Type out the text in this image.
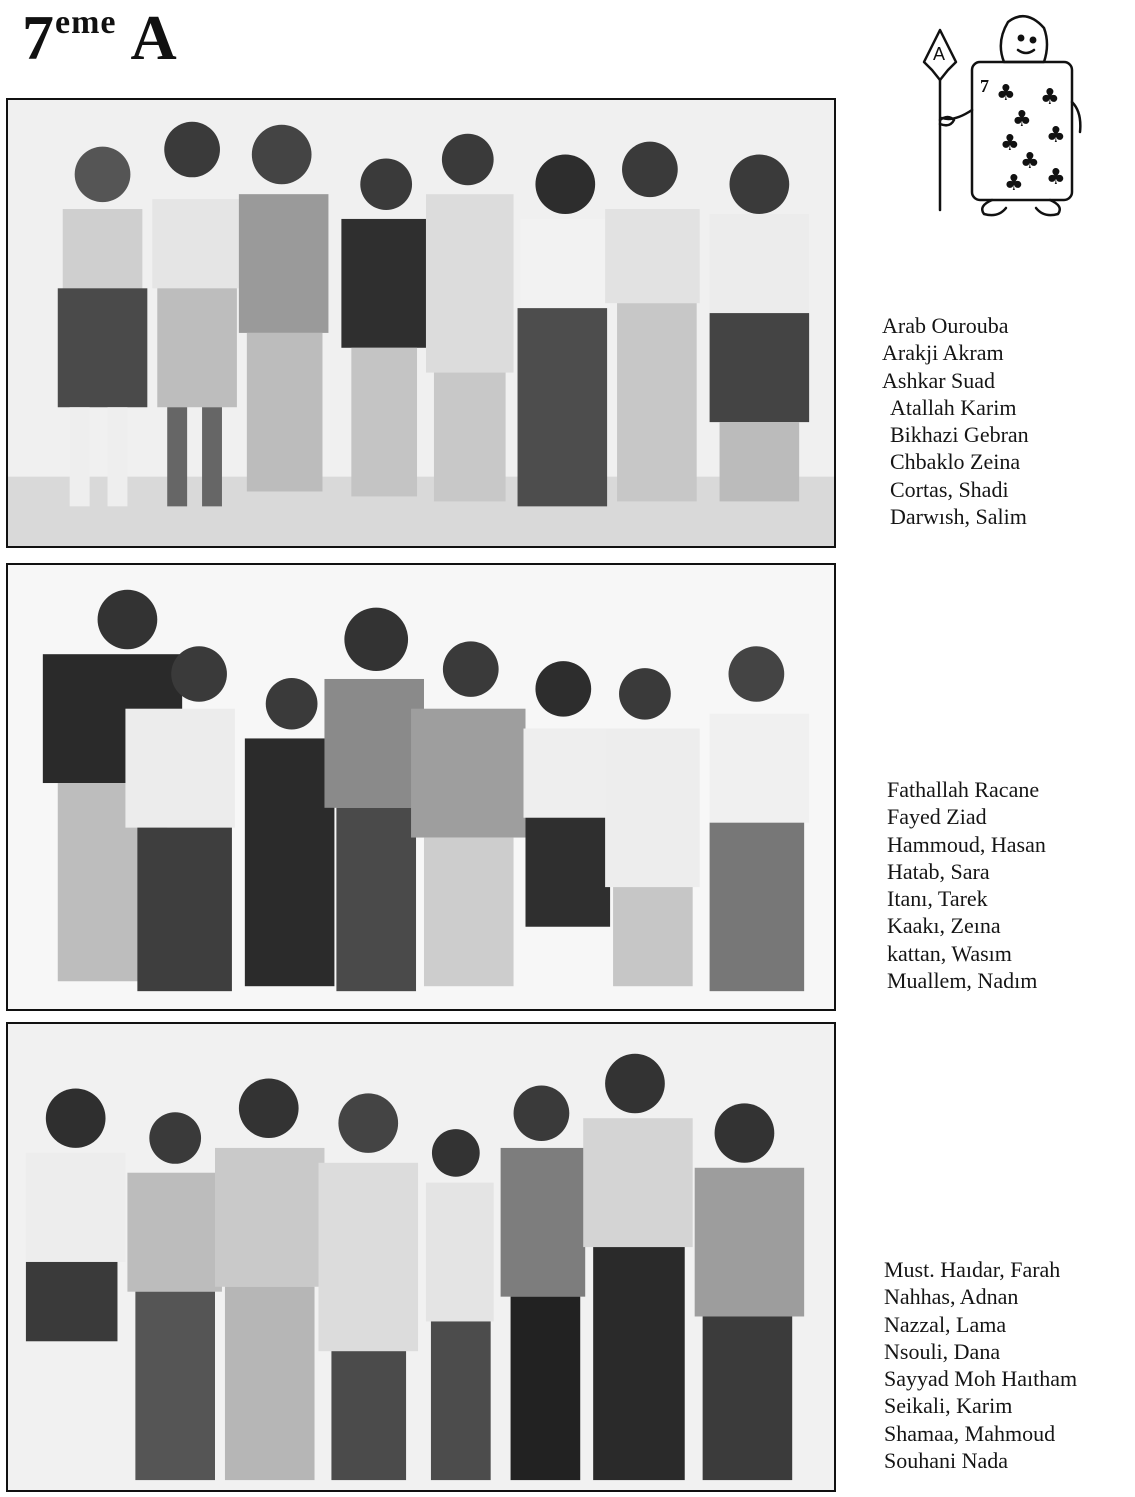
7eme A
7
A
♣ ♣
♣
♣ ♣
♣
♣ ♣
Arab Ourouba
Arakji Akram
Ashkar Suad
Atallah Karim
Bikhazi Gebran
Chbaklo Zeina
Cortas, Shadi
Darwısh, Salim
Fathallah Racane
Fayed Ziad
Hammoud, Hasan
Hatab, Sara
Itanı, Tarek
Kaakı, Zeına
kattan, Wasım
Muallem, Nadım
Must. Haıdar, Farah
Nahhas, Adnan
Nazzal, Lama
Nsouli, Dana
Sayyad Moh Haıtham
Seikali, Karim
Shamaa, Mahmoud
Souhani Nada
